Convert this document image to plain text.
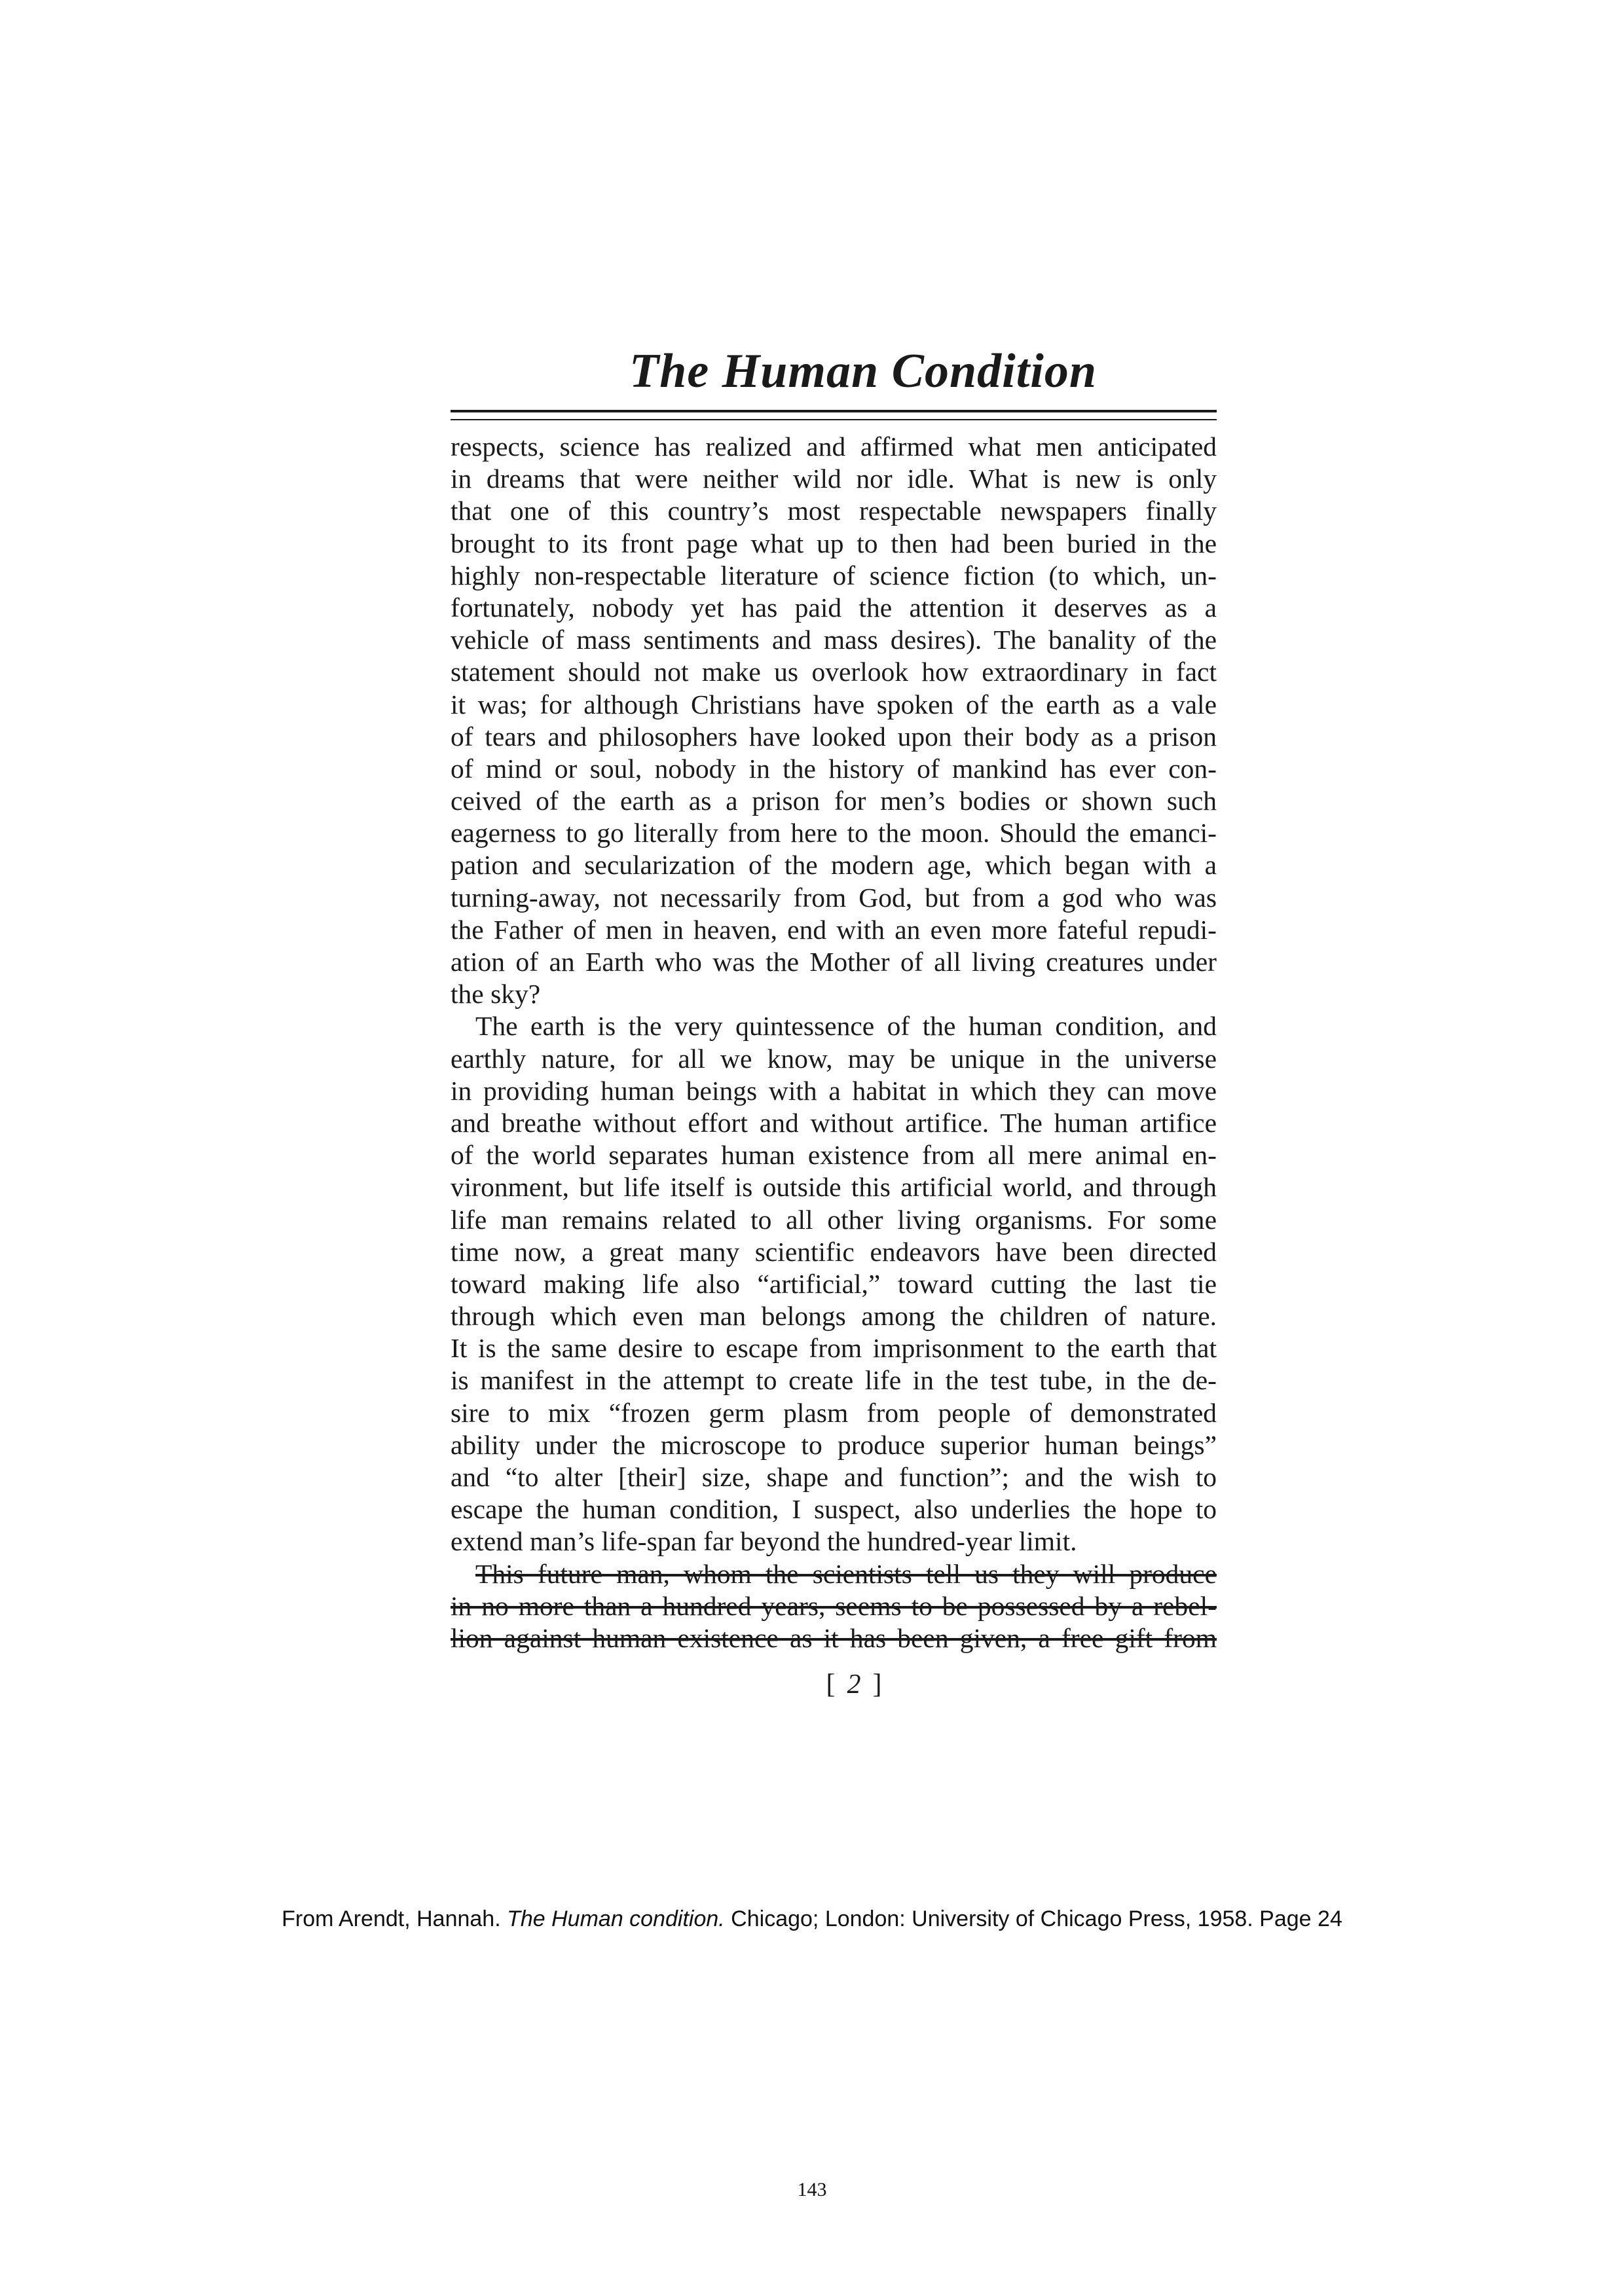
The Human Condition
respects, science has realized and affirmed what men anticipated
in dreams that were neither wild nor idle. What is new is only
that one of this country’s most respectable newspapers finally
brought to its front page what up to then had been buried in the
highly non-respectable literature of science fiction (to which, un-
fortunately, nobody yet has paid the attention it deserves as a
vehicle of mass sentiments and mass desires). The banality of the
statement should not make us overlook how extraordinary in fact
it was; for although Christians have spoken of the earth as a vale
of tears and philosophers have looked upon their body as a prison
of mind or soul, nobody in the history of mankind has ever con-
ceived of the earth as a prison for men’s bodies or shown such
eagerness to go literally from here to the moon. Should the emanci-
pation and secularization of the modern age, which began with a
turning-away, not necessarily from God, but from a god who was
the Father of men in heaven, end with an even more fateful repudi-
ation of an Earth who was the Mother of all living creatures under
the sky?
The earth is the very quintessence of the human condition, and
earthly nature, for all we know, may be unique in the universe
in providing human beings with a habitat in which they can move
and breathe without effort and without artifice. The human artifice
of the world separates human existence from all mere animal en-
vironment, but life itself is outside this artificial world, and through
life man remains related to all other living organisms. For some
time now, a great many scientific endeavors have been directed
toward making life also “artificial,” toward cutting the last tie
through which even man belongs among the children of nature.
It is the same desire to escape from imprisonment to the earth that
is manifest in the attempt to create life in the test tube, in the de-
sire to mix “frozen germ plasm from people of demonstrated
ability under the microscope to produce superior human beings”
and “to alter [their] size, shape and function”; and the wish to
escape the human condition, I suspect, also underlies the hope to
extend man’s life-span far beyond the hundred-year limit.
This future man, whom the scientists tell us they will produce
in no more than a hundred years, seems to be possessed by a rebel-
lion against human existence as it has been given, a free gift from
[2]
From Arendt, Hannah. The Human condition. Chicago; London: University of Chicago Press, 1958. Page 24
143
